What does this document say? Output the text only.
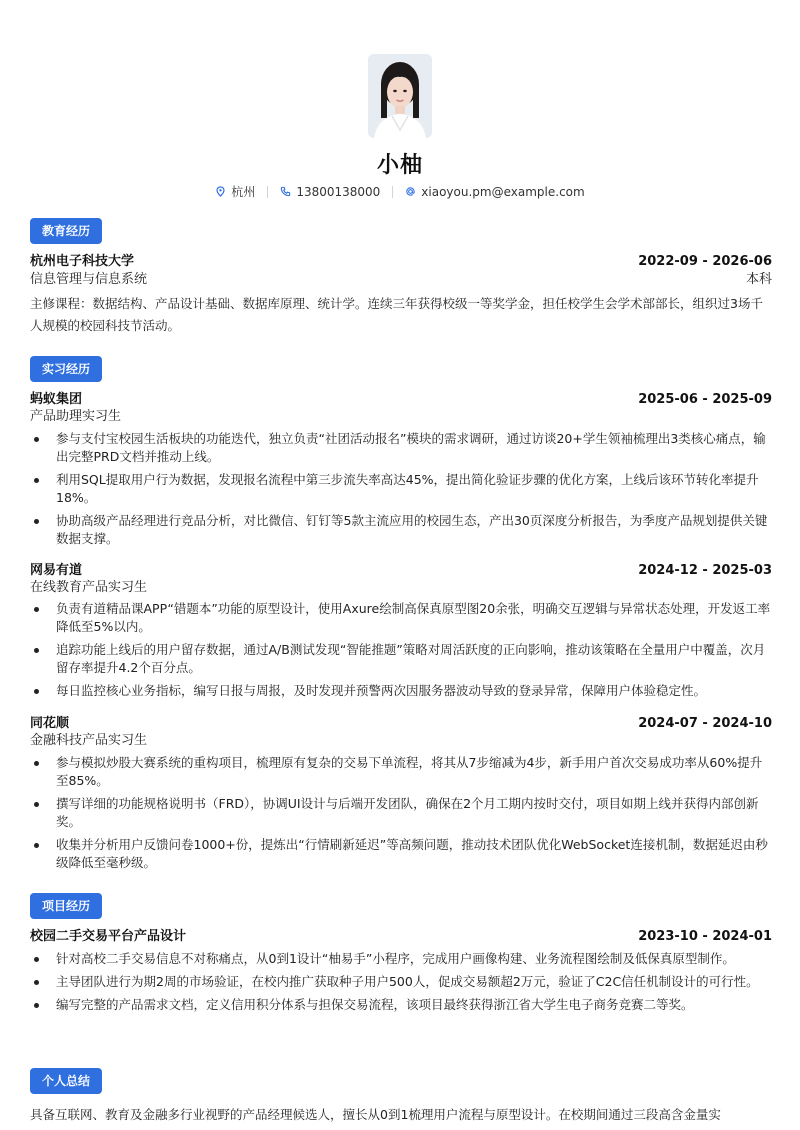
小柚
杭州	13800138000	xiaoyou.pm@example.com
教育经历
杭州电子科技大学	2022-09 - 2026-06
信息管理与信息系统	本科
主修课程：数据结构、产品设计基础、数据库原理、统计学。连续三年获得校级一等奖学金，担任校学生会学术部部长，组织过3场千人规模的校园科技节活动。
实习经历
蚂蚁集团	2025-06 - 2025-09
产品助理实习生
参与支付宝校园生活板块的功能迭代，独立负责“社团活动报名”模块的需求调研，通过访谈20+学生领袖梳理出3类核心痛点，输出完整PRD文档并推动上线。
利用SQL提取用户行为数据，发现报名流程中第三步流失率高达45%，提出简化验证步骤的优化方案，上线后该环节转化率提升18%。
协助高级产品经理进行竞品分析，对比微信、钉钉等5款主流应用的校园生态，产出30页深度分析报告，为季度产品规划提供关键数据支撑。
网易有道	2024-12 - 2025-03
在线教育产品实习生
负责有道精品课APP“错题本”功能的原型设计，使用Axure绘制高保真原型图20余张，明确交互逻辑与异常状态处理，开发返工率降低至5%以内。
追踪功能上线后的用户留存数据，通过A/B测试发现“智能推题”策略对周活跃度的正向影响，推动该策略在全量用户中覆盖，次月留存率提升4.2个百分点。
每日监控核心业务指标，编写日报与周报，及时发现并预警两次因服务器波动导致的登录异常，保障用户体验稳定性。
同花顺	2024-07 - 2024-10
金融科技产品实习生
参与模拟炒股大赛系统的重构项目，梳理原有复杂的交易下单流程，将其从7步缩减为4步，新手用户首次交易成功率从60%提升至85%。
撰写详细的功能规格说明书（FRD），协调UI设计与后端开发团队，确保在2个月工期内按时交付，项目如期上线并获得内部创新奖。
收集并分析用户反馈问卷1000+份，提炼出“行情刷新延迟”等高频问题，推动技术团队优化WebSocket连接机制，数据延迟由秒级降低至毫秒级。
项目经历
校园二手交易平台产品设计	2023-10 - 2024-01
针对高校二手交易信息不对称痛点，从0到1设计“柚易手”小程序，完成用户画像构建、业务流程图绘制及低保真原型制作。
主导团队进行为期2周的市场验证，在校内推广获取种子用户500人，促成交易额超2万元，验证了C2C信任机制设计的可行性。
编写完整的产品需求文档，定义信用积分体系与担保交易流程，该项目最终获得浙江省大学生电子商务竞赛二等奖。
个人总结
具备互联网、教育及金融多行业视野的产品经理候选人，擅长从0到1梳理用户流程与原型设计。在校期间通过三段高含金量实
